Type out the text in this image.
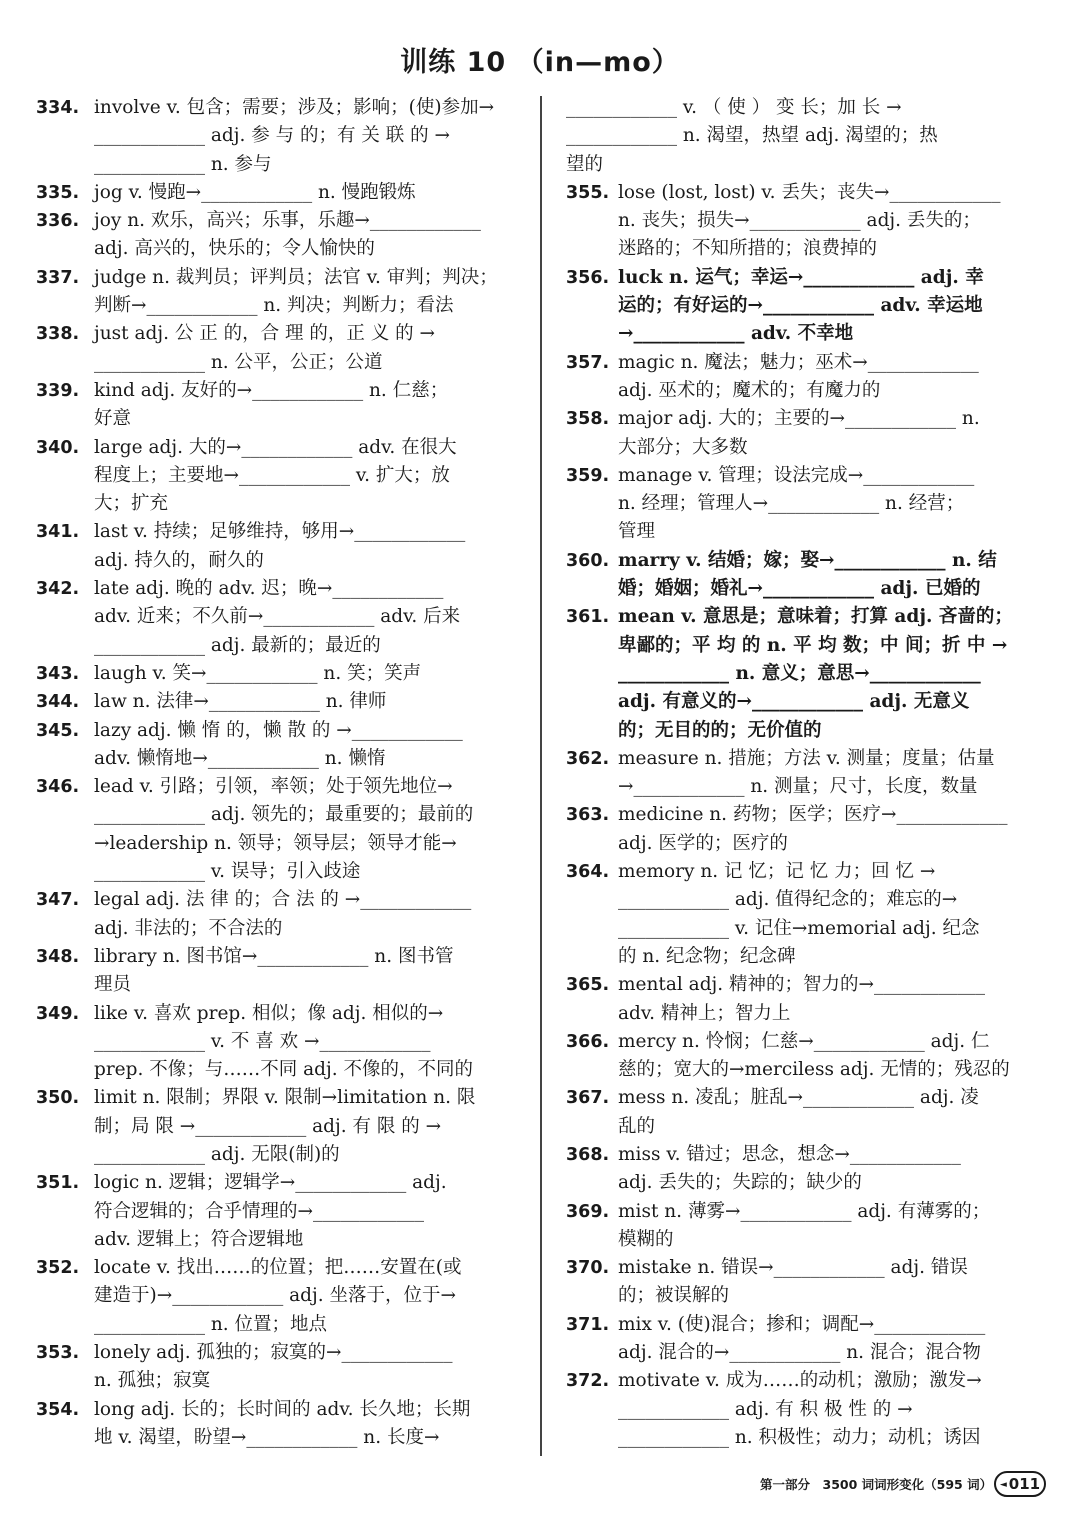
训练 10 （in—mo）
334. involve v. 包含；需要；涉及；影响；(使)参加→
____________ adj. 参 与 的；有 关 联 的 →
____________ n. 参与
335. jog v. 慢跑→____________ n. 慢跑锻炼
336. joy n. 欢乐，高兴；乐事，乐趣→____________
adj. 高兴的，快乐的；令人愉快的
337. judge n. 裁判员；评判员；法官 v. 审判；判决；
判断→____________ n. 判决；判断力；看法
338. just adj. 公 正 的，合 理 的，正 义 的 →
____________ n. 公平，公正；公道
339. kind adj. 友好的→____________ n. 仁慈；
好意
340. large adj. 大的→____________ adv. 在很大
程度上；主要地→____________ v. 扩大；放
大；扩充
341. last v. 持续；足够维持，够用→____________
adj. 持久的，耐久的
342. late adj. 晚的 adv. 迟；晚→____________
adv. 近来；不久前→____________ adv. 后来
____________ adj. 最新的；最近的
343. laugh v. 笑→____________ n. 笑；笑声
344. law n. 法律→____________ n. 律师
345. lazy adj. 懒 惰 的，懒 散 的 →____________
adv. 懒惰地→____________ n. 懒惰
346. lead v. 引路；引领，率领；处于领先地位→
____________ adj. 领先的；最重要的；最前的
→leadership n. 领导；领导层；领导才能→
____________ v. 误导；引入歧途
347. legal adj. 法 律 的；合 法 的 →____________
adj. 非法的；不合法的
348. library n. 图书馆→____________ n. 图书管
理员
349. like v. 喜欢 prep. 相似；像 adj. 相似的→
____________ v. 不 喜 欢 →____________
prep. 不像；与……不同 adj. 不像的，不同的
350. limit n. 限制；界限 v. 限制→limitation n. 限
制；局 限 →____________ adj. 有 限 的 →
____________ adj. 无限(制)的
351. logic n. 逻辑；逻辑学→____________ adj.
符合逻辑的；合乎情理的→____________
adv. 逻辑上；符合逻辑地
352. locate v. 找出……的位置；把……安置在(或
建造于)→____________ adj. 坐落于，位于→
____________ n. 位置；地点
353. lonely adj. 孤独的；寂寞的→____________
n. 孤独；寂寞
354. long adj. 长的；长时间的 adv. 长久地；长期
地 v. 渴望，盼望→____________ n. 长度→
____________ v. （ 使 ） 变 长；加 长 →
____________ n. 渴望，热望 adj. 渴望的；热
望的
355. lose (lost, lost) v. 丢失；丧失→____________
n. 丧失；损失→____________ adj. 丢失的；
迷路的；不知所措的；浪费掉的
356. luck n. 运气；幸运→____________ adj. 幸
运的；有好运的→____________ adv. 幸运地
→____________ adv. 不幸地
357. magic n. 魔法；魅力；巫术→____________
adj. 巫术的；魔术的；有魔力的
358. major adj. 大的；主要的→____________ n.
大部分；大多数
359. manage v. 管理；设法完成→____________
n. 经理；管理人→____________ n. 经营；
管理
360. marry v. 结婚；嫁；娶→____________ n. 结
婚；婚姻；婚礼→____________ adj. 已婚的
361. mean v. 意思是；意味着；打算 adj. 吝啬的；
卑鄙的；平 均 的 n. 平 均 数；中 间；折 中 →
____________ n. 意义；意思→____________
adj. 有意义的→____________ adj. 无意义
的；无目的的；无价值的
362. measure n. 措施；方法 v. 测量；度量；估量
→____________ n. 测量；尺寸，长度，数量
363. medicine n. 药物；医学；医疗→____________
adj. 医学的；医疗的
364. memory n. 记 忆；记 忆 力；回 忆 →
____________ adj. 值得纪念的；难忘的→
____________ v. 记住→memorial adj. 纪念
的 n. 纪念物；纪念碑
365. mental adj. 精神的；智力的→____________
adv. 精神上；智力上
366. mercy n. 怜悯；仁慈→____________ adj. 仁
慈的；宽大的→merciless adj. 无情的；残忍的
367. mess n. 凌乱；脏乱→____________ adj. 凌
乱的
368. miss v. 错过；思念，想念→____________
adj. 丢失的；失踪的；缺少的
369. mist n. 薄雾→____________ adj. 有薄雾的；
模糊的
370. mistake n. 错误→____________ adj. 错误
的；被误解的
371. mix v. (使)混合；掺和；调配→____________
adj. 混合的→____________ n. 混合；混合物
372. motivate v. 成为……的动机；激励；激发→
____________ adj. 有 积 极 性 的 →
____________ n. 积极性；动力；动机；诱因
第一部分　3500 词词形变化（595 词） ◄ 011
